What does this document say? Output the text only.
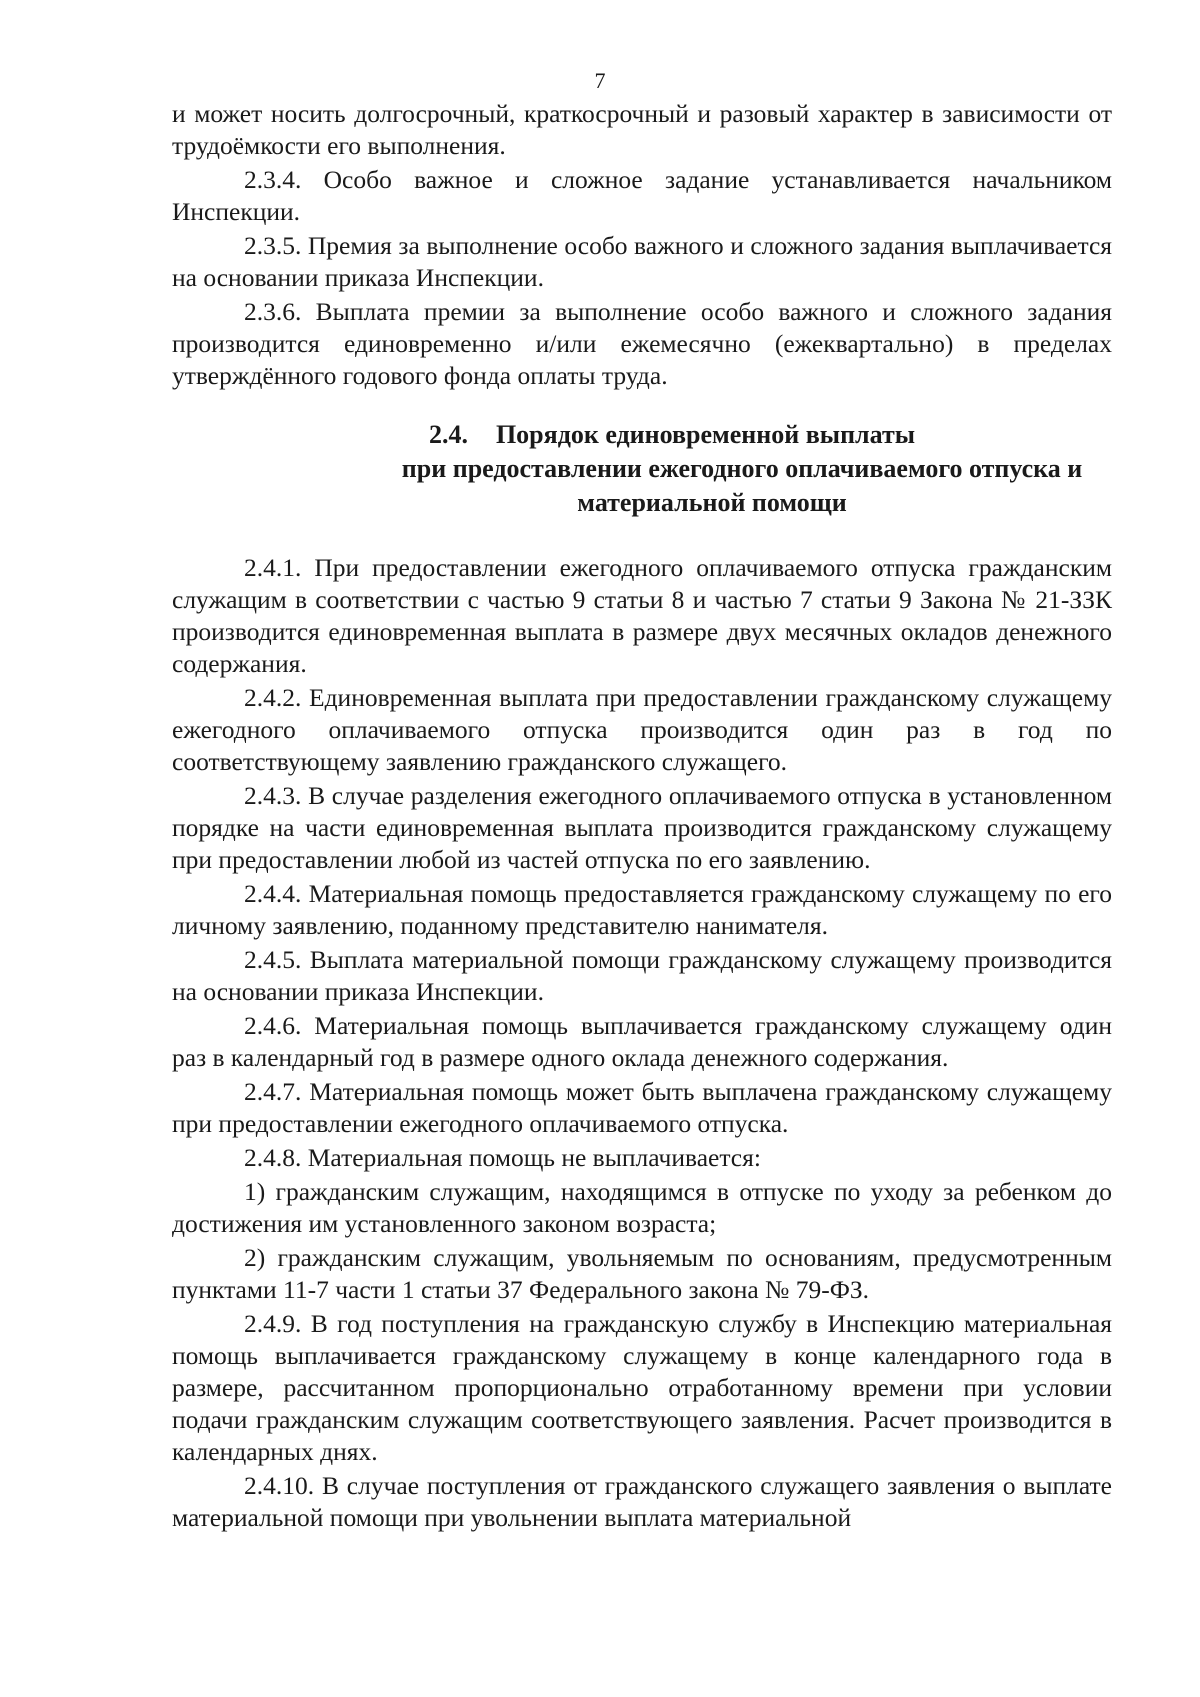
7

и может носить долгосрочный, краткосрочный и разовый характер в зависимости от трудоёмкости его выполнения.

2.3.4. Особо важное и сложное задание устанавливается начальником Инспекции.

2.3.5. Премия за выполнение особо важного и сложного задания выплачивается на основании приказа Инспекции.

2.3.6. Выплата премии за выполнение особо важного и сложного задания производится единовременно и/или ежемесячно (ежеквартально) в пределах утверждённого годового фонда оплаты труда.

2.4. Порядок единовременной выплаты
при предоставлении ежегодного оплачиваемого отпуска и
материальной помощи

2.4.1. При предоставлении ежегодного оплачиваемого отпуска гражданским служащим в соответствии с частью 9 статьи 8 и частью 7 статьи 9 Закона № 21-ЗЗК производится единовременная выплата в размере двух месячных окладов денежного содержания.

2.4.2. Единовременная выплата при предоставлении гражданскому служащему ежегодного оплачиваемого отпуска производится один раз в год по соответствующему заявлению гражданского служащего.

2.4.3. В случае разделения ежегодного оплачиваемого отпуска в установленном порядке на части единовременная выплата производится гражданскому служащему при предоставлении любой из частей отпуска по его заявлению.

2.4.4. Материальная помощь предоставляется гражданскому служащему по его личному заявлению, поданному представителю нанимателя.

2.4.5. Выплата материальной помощи гражданскому служащему производится на основании приказа Инспекции.

2.4.6. Материальная помощь выплачивается гражданскому служащему один раз в календарный год в размере одного оклада денежного содержания.

2.4.7. Материальная помощь может быть выплачена гражданскому служащему при предоставлении ежегодного оплачиваемого отпуска.

2.4.8. Материальная помощь не выплачивается:

1) гражданским служащим, находящимся в отпуске по уходу за ребенком до достижения им установленного законом возраста;

2) гражданским служащим, увольняемым по основаниям, предусмотренным пунктами 11-7 части 1 статьи 37 Федерального закона № 79-ФЗ.

2.4.9. В год поступления на гражданскую службу в Инспекцию материальная помощь выплачивается гражданскому служащему в конце календарного года в размере, рассчитанном пропорционально отработанному времени при условии подачи гражданским служащим соответствующего заявления. Расчет производится в календарных днях.

2.4.10. В случае поступления от гражданского служащего заявления о выплате материальной помощи при увольнении выплата материальной
